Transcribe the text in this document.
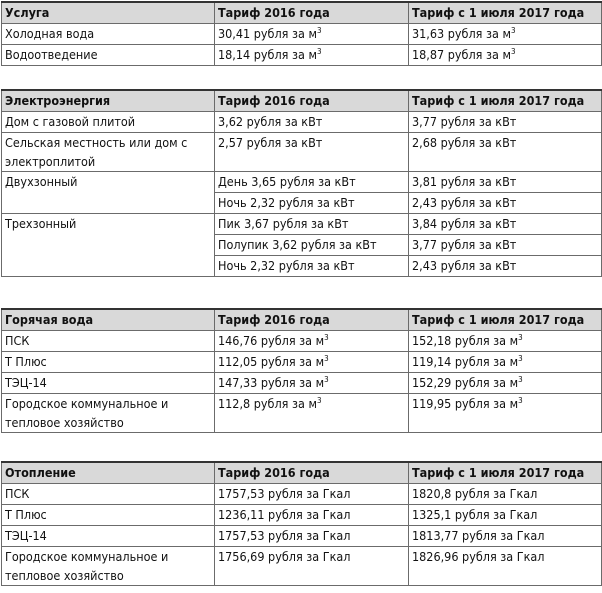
Услуга	Тариф 2016 года	Тариф с 1 июля 2017 года
Холодная вода	30,41 рубля за $м^3$	31,63 рубля за $м^3$
Водоотведение	18,14 рубля за $м^3$	18,87 рубля за $м^3$
Электроэнергия	Тариф 2016 года	Тариф с 1 июля 2017 года
Дом с газовой плитой	3,62 рубля за кВт	3,77 рубля за кВт
Сельская местность или дом с электроплитой	2,57 рубля за кВт	2,68 рубля за кВт
Двухзонный	День 3,65 рубля за кВт	3,81 рубля за кВт
	Ночь 2,32 рубля за кВт	2,43 рубля за кВт
Трехзонный	Пик 3,67 рубля за кВт	3,84 рубля за кВт
	Полупик 3,62 рубля за кВт	3,77 рубля за кВт
	Ночь 2,32 рубля за кВт	2,43 рубля за кВт
Горячая вода	Тариф 2016 года	Тариф с 1 июля 2017 года
ПСК	146,76 рубля за $м^3$	152,18 рубля за $м^3$
Т Плюс	112,05 рубля за $м^3$	119,14 рубля за $м^3$
ТЭЦ-14	147,33 рубля за $м^3$	152,29 рубля за $м^3$
Городское коммунальное и тепловое хозяйство	112,8 рубля за $м^3$	119,95 рубля за $м^3$
Отопление	Тариф 2016 года	Тариф с 1 июля 2017 года
ПСК	1757,53 рубля за Гкал	1820,8 рубля за Гкал
Т Плюс	1236,11 рубля за Гкал	1325,1 рубля за Гкал
ТЭЦ-14	1757,53 рубля за Гкал	1813,77 рубля за Гкал
Городское коммунальное и тепловое хозяйство	1756,69 рубля за Гкал	1826,96 рубля за Гкал
